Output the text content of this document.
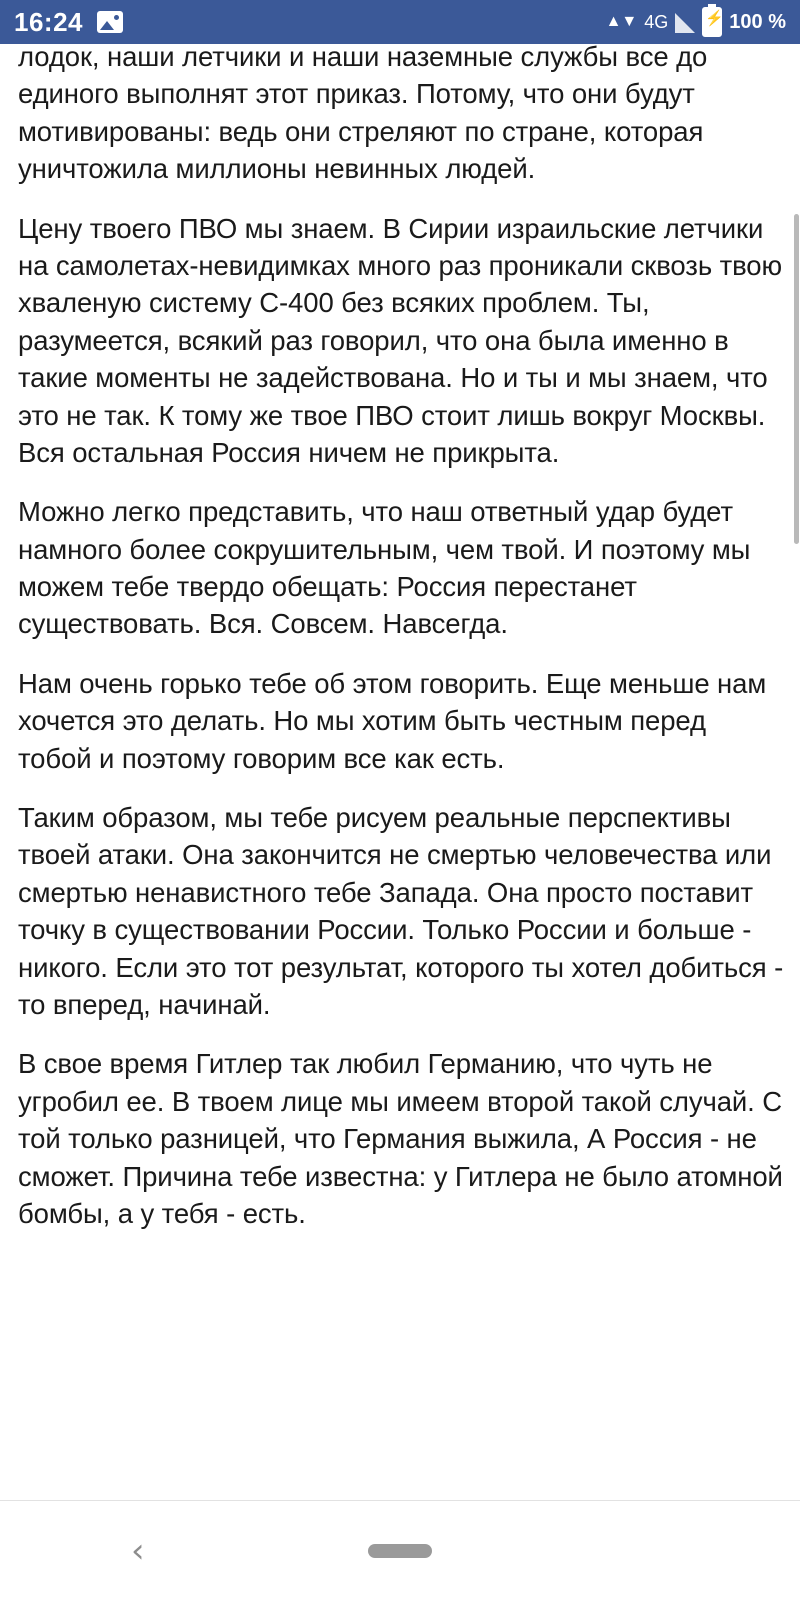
16:24	▲▼ 4G ⚡	100 %

лодок, наши летчики и наши наземные службы все до единого выполнят этот приказ. Потому, что они будут мотивированы: ведь они стреляют по стране, которая уничтожила миллионы невинных людей.

Цену твоего ПВО мы знаем. В Сирии израильские летчики на самолетах-невидимках много раз проникали сквозь твою хваленую систему С-400 без всяких проблем. Ты, разумеется, всякий раз говорил, что она была именно в такие моменты не задействована. Но и ты и мы знаем, что это не так. К тому же твое ПВО стоит лишь вокруг Москвы. Вся остальная Россия ничем не прикрыта.

Можно легко представить, что наш ответный удар будет намного более сокрушительным, чем твой. И поэтому мы можем тебе твердо обещать: Россия перестанет существовать. Вся. Совсем. Навсегда.

Нам очень горько тебе об этом говорить. Еще меньше нам хочется это делать. Но мы хотим быть честным перед тобой и поэтому говорим все как есть.

Таким образом, мы тебе рисуем реальные перспективы твоей атаки. Она закончится не смертью человечества или смертью ненавистного тебе Запада. Она просто поставит точку в существовании России. Только России и больше - никого. Если это тот результат, которого ты хотел добиться - то вперед, начинай.

В свое время Гитлер так любил Германию, что чуть не угробил ее. В твоем лице мы имеем второй такой случай. С той только разницей, что Германия выжила, А Россия - не сможет. Причина тебе известна: у Гитлера не было атомной бомбы, а у тебя - есть.

‹
